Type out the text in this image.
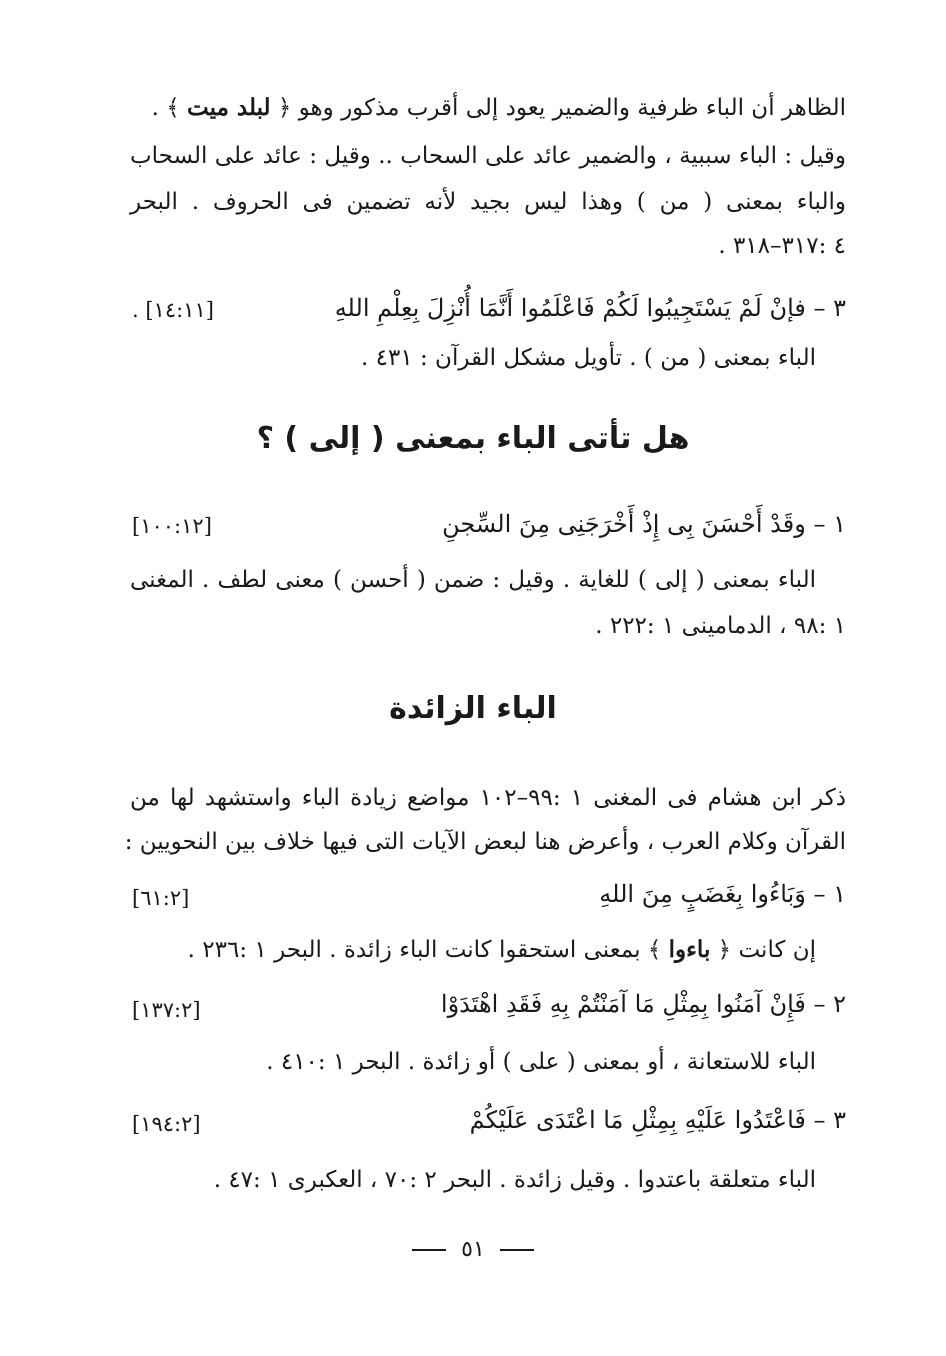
الظاهر أن الباء ظرفية والضمير يعود إلى أقرب مذكور وهو ﴿ لبلد ميت ﴾ .
وقيل : الباء سببية ، والضمير عائد على السحاب .. وقيل : عائد على السحاب
والباء بمعنى ( من ) وهذا ليس بجيد لأنه تضمين فى الحروف . البحر
٤ :٣١٧–٣١٨ .
٣ – فإنْ لَمْ يَسْتَجِيبُوا لَكُمْ فَاعْلَمُوا أَنَّمَا أُنْزِلَ بِعِلْمِ اللهِ
. [١٤:١١]
الباء بمعنى ( من ) . تأويل مشكل القرآن : ٤٣١ .
هل تأتى الباء بمعنى ( إلى ) ؟
١ – وقَدْ أَحْسَنَ بِى إِذْ أَخْرَجَنِى مِنَ السِّجنِ
[١٠٠:١٢]
الباء بمعنى ( إلى ) للغاية . وقيل : ضمن ( أحسن ) معنى لطف . المغنى
١ :٩٨ ، الدمامينى ١ :٢٢٢ .
الباء الزائدة
ذكر ابن هشام فى المغنى ١ :٩٩–١٠٢ مواضع زيادة الباء واستشهد لها من
القرآن وكلام العرب ، وأعرض هنا لبعض الآيات التى فيها خلاف بين النحويين :
١ – وَبَاءُوا بِغَضَبٍ مِنَ اللهِ
[٦١:٢]
إن كانت ﴿ باءوا ﴾ بمعنى استحقوا كانت الباء زائدة . البحر ١ :٢٣٦ .
٢ – فَإِنْ آمَنُوا بِمِثْلِ مَا آمَنْتُمْ بِهِ فَقَدِ اهْتَدَوْا
[١٣٧:٢]
الباء للاستعانة ، أو بمعنى ( على ) أو زائدة . البحر ١ :٤١٠ .
٣ – فَاعْتَدُوا عَلَيْهِ بِمِثْلِ مَا اعْتَدَى عَلَيْكُمْ
[١٩٤:٢]
الباء متعلقة باعتدوا . وقيل زائدة . البحر ٢ :٧٠ ، العكبرى ١ :٤٧ .
٥١
